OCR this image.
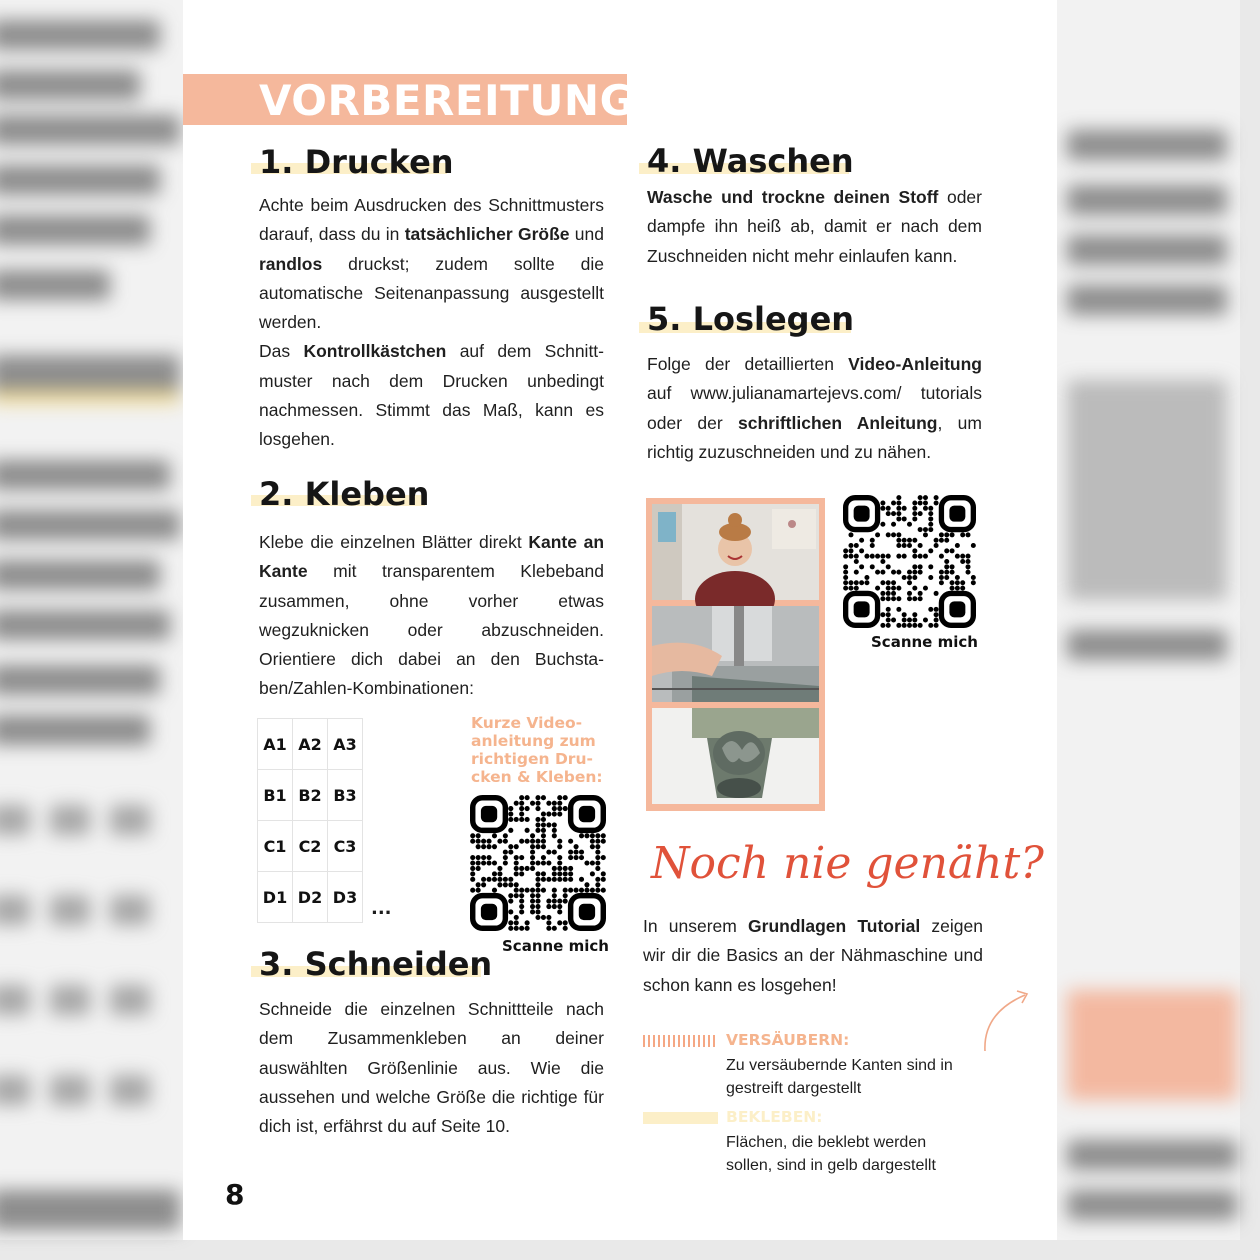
VORBEREITUNG
1. Drucken
Achte beim Ausdrucken des Schnittmusters darauf, dass du in tatsächlicher Größe und randlos druckst; zudem sollte die automatische Seitenanpassung ausgestellt werden.
Das Kontrollkästchen auf dem Schnittmuster nach dem Drucken unbedingt nachmessen. Stimmt das Maß, kann es losgehen.
2. Kleben
Klebe die einzelnen Blätter direkt Kante an Kante mit transparentem Klebeband zusammen, ohne vorher etwas wegzuknicken oder abzuschneiden. Orientiere dich dabei an den Buchstaben/Zahlen-Kombinationen:
A1	A2	A3
B1	B2	B3
C1	C2	C3
D1	D2	D3
...
Kurze Videoanleitung zum richtigen Drucken & Kleben:
Scanne mich
3. Schneiden
Schneide die einzelnen Schnittteile nach dem Zusammenkleben an deiner auswählten Größenlinie aus. Wie die aussehen und welche Größe die richtige für dich ist, erfährst du auf Seite 10.
4. Waschen
Wasche und trockne deinen Stoff oder dampfe ihn heiß ab, damit er nach dem Zuschneiden nicht mehr einlaufen kann.
5. Loslegen
Folge der detaillierten Video-Anleitung auf www.julianamartejevs.com/ tutorials oder der schriftlichen Anleitung, um richtig zuzuschneiden und zu nähen.
Scanne mich
Noch nie genäht?
In unserem Grundlagen Tutorial zeigen wir dir die Basics an der Nähmaschine und schon kann es losgehen!
VERSÄUBERN:
Zu versäubernde Kanten sind in gestreift dargestellt
BEKLEBEN:
Flächen, die beklebt werden sollen, sind in gelb dargestellt
8
